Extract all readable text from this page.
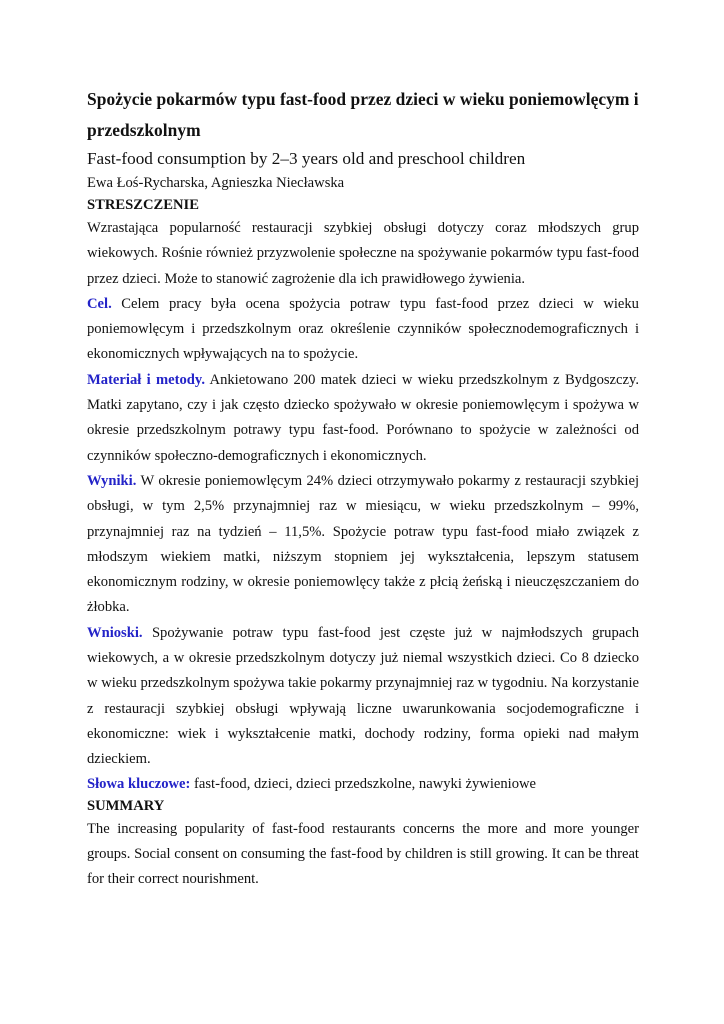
Spożycie pokarmów typu fast-food przez dzieci w wieku poniemowlęcym i przedszkolnym
Fast-food consumption by 2–3 years old and preschool children
Ewa Łoś-Rycharska, Agnieszka Niecławska
STRESZCZENIE

Wzrastająca popularność restauracji szybkiej obsługi dotyczy coraz młodszych grup wiekowych. Rośnie również przyzwolenie społeczne na spożywanie pokarmów typu fast-food przez dzieci. Może to stanowić zagrożenie dla ich prawidłowego żywienia.

Cel. Celem pracy była ocena spożycia potraw typu fast-food przez dzieci w wieku poniemowlęcym i przedszkolnym oraz określenie czynników społecznodemograficznych i ekonomicznych wpływających na to spożycie.

Materiał i metody. Ankietowano 200 matek dzieci w wieku przedszkolnym z Bydgoszczy. Matki zapytano, czy i jak często dziecko spożywało w okresie poniemowlęcym i spożywa w okresie przedszkolnym potrawy typu fast-food. Porównano to spożycie w zależności od czynników społeczno-demograficznych i ekonomicznych.

Wyniki. W okresie poniemowlęcym 24% dzieci otrzymywało pokarmy z restauracji szybkiej obsługi, w tym 2,5% przynajmniej raz w miesiącu, w wieku przedszkolnym – 99%, przynajmniej raz na tydzień – 11,5%. Spożycie potraw typu fast-food miało związek z młodszym wiekiem matki, niższym stopniem jej wykształcenia, lepszym statusem ekonomicznym rodziny, w okresie poniemowlęcy także z płcią żeńską i nieuczęszczaniem do żłobka.

Wnioski. Spożywanie potraw typu fast-food jest częste już w najmłodszych grupach wiekowych, a w okresie przedszkolnym dotyczy już niemal wszystkich dzieci. Co 8 dziecko w wieku przedszkolnym spożywa takie pokarmy przynajmniej raz w tygodniu. Na korzystanie z restauracji szybkiej obsługi wpływają liczne uwarunkowania socjodemograficzne i ekonomiczne: wiek i wykształcenie matki, dochody rodziny, forma opieki nad małym dzieckiem.

Słowa kluczowe: fast-food, dzieci, dzieci przedszkolne, nawyki żywieniowe
SUMMARY

The increasing popularity of fast-food restaurants concerns the more and more younger groups. Social consent on consuming the fast-food by children is still growing. It can be threat for their correct nourishment.
